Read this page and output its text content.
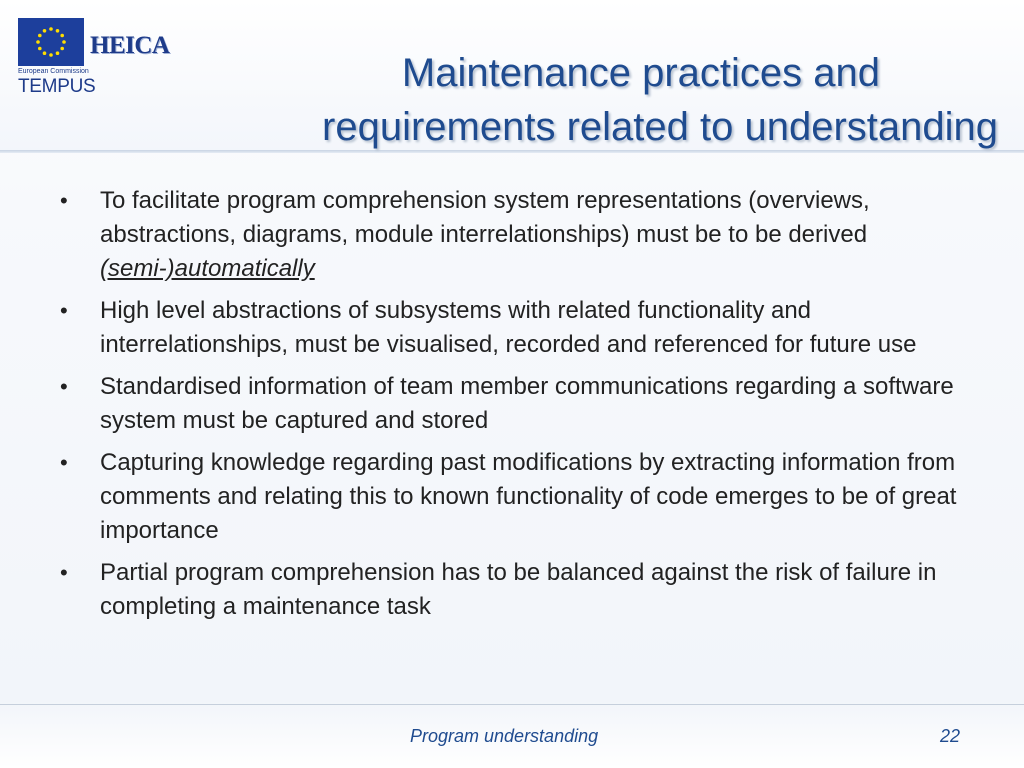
HEICA
European Commission
TEMPUS	Maintenance practices and
requirements related to understanding
•	To facilitate program comprehension system representations (overviews, abstractions, diagrams, module interrelationships) must be to be derived (semi-)automatically
•	High level abstractions of subsystems with related functionality and interrelationships, must be visualised, recorded and referenced for future use
•	Standardised information of team member communications regarding a software system must be captured and stored
•	Capturing knowledge regarding past modifications by extracting information from comments and relating this to known functionality of code emerges to be of great importance
•	Partial program comprehension has to be balanced against the risk of failure in completing a maintenance task
Program understanding	22
